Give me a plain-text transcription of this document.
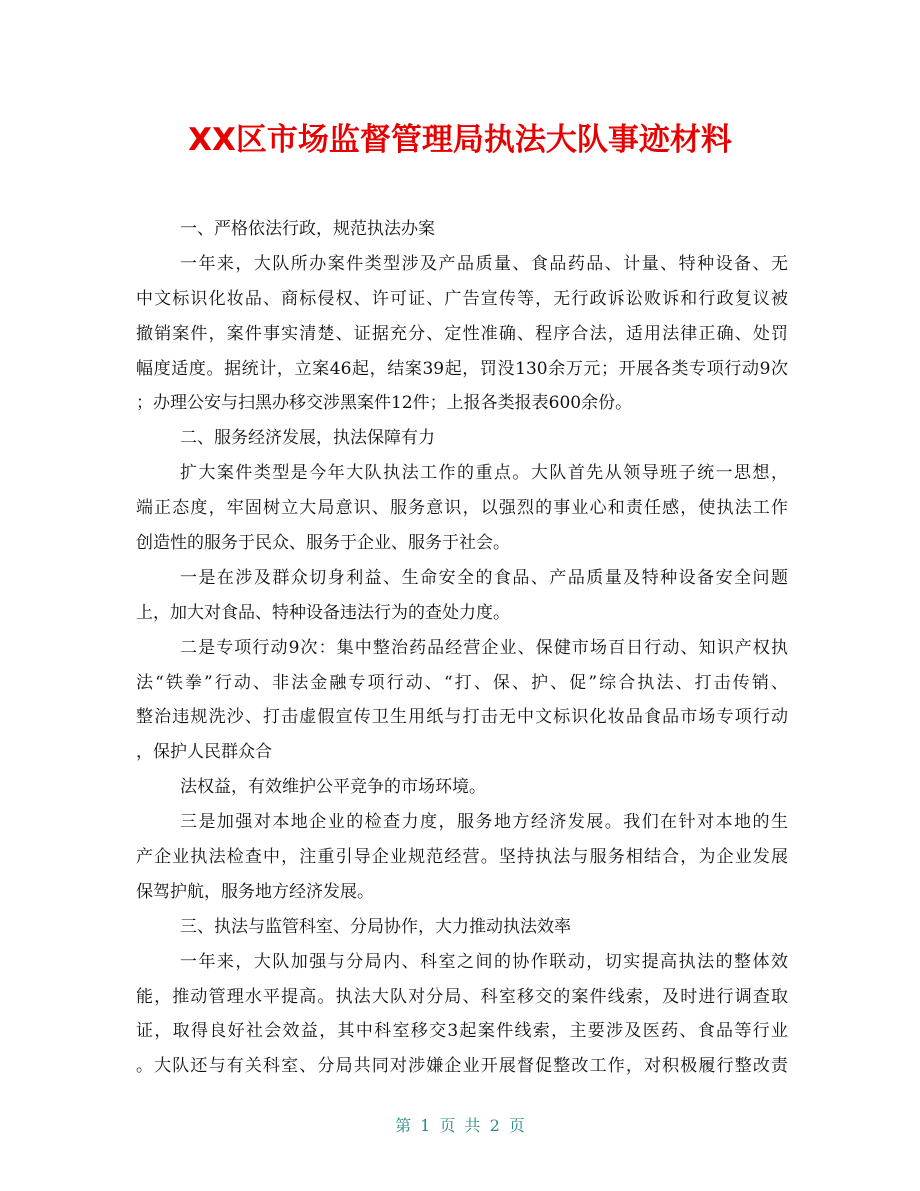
XX区市场监督管理局执法大队事迹材料
一、严格依法行政，规范执法办案
一年来，大队所办案件类型涉及产品质量、食品药品、计量、特种设备、无
中文标识化妆品、商标侵权、许可证、广告宣传等，无行政诉讼败诉和行政复议被
撤销案件，案件事实清楚、证据充分、定性准确、程序合法，适用法律正确、处罚
幅度适度。据统计，立案46起，结案39起，罚没130余万元；开展各类专项行动9次
；办理公安与扫黑办移交涉黑案件12件；上报各类报表600余份。
二、服务经济发展，执法保障有力
扩大案件类型是今年大队执法工作的重点。大队首先从领导班子统一思想，
端正态度，牢固树立大局意识、服务意识，以强烈的事业心和责任感，使执法工作
创造性的服务于民众、服务于企业、服务于社会。
一是在涉及群众切身利益、生命安全的食品、产品质量及特种设备安全问题
上，加大对食品、特种设备违法行为的查处力度。
二是专项行动9次：集中整治药品经营企业、保健市场百日行动、知识产权执
法“铁拳”行动、非法金融专项行动、“打、保、护、促”综合执法、打击传销、
整治违规洗沙、打击虚假宣传卫生用纸与打击无中文标识化妆品食品市场专项行动
，保护人民群众合
法权益，有效维护公平竞争的市场环境。
三是加强对本地企业的检查力度，服务地方经济发展。我们在针对本地的生
产企业执法检查中，注重引导企业规范经营。坚持执法与服务相结合，为企业发展
保驾护航，服务地方经济发展。
三、执法与监管科室、分局协作，大力推动执法效率
一年来，大队加强与分局内、科室之间的协作联动，切实提高执法的整体效
能，推动管理水平提高。执法大队对分局、科室移交的案件线索，及时进行调查取
证，取得良好社会效益，其中科室移交3起案件线索，主要涉及医药、食品等行业
。大队还与有关科室、分局共同对涉嫌企业开展督促整改工作，对积极履行整改责
第 1 页 共 2 页
